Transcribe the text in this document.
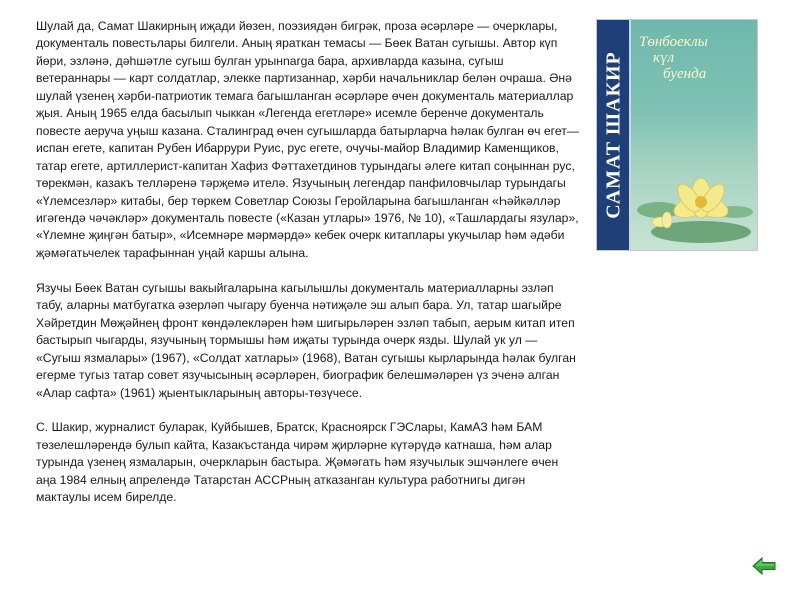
Шулай да, Самат Шакирның иҗади йөзен, поэзиядән бигрәк, проза әсәрләре — очерклары, документаль повестьлары билгели. Аның яраткан темасы — Бөек Ватан сугышы. Автор күп йөри, эзләнә, дәһшәтле сугыш булган урынnarga бара, архивларда казына, сугыш ветераннары — карт солдатлар, элекке партизаннар, хәрби начальниклар белән очраша. Әнә шулай үзенең хәрби-патриотик темага багышланган әсәрләре өчен документаль материаллар җыя. Аның 1965 елда басылып чыккан «Легенда егетләре» исемле беренче документаль повесте аеруча уңыш казана. Сталинград өчен сугышларда батырларча һәлак булган өч егет—испан егете, капитан Рубен Ибаррури Руис, рус егете, очучы-майор Владимир Каменщиков, татар егете, артиллерист-капитан Хафиз Фәттахетдинов турындагы әлеге китап соңыннан рус, төрекмән, казакъ телләренә тәрҗемә ителә. Язучының легендар панфиловчылар турындагы «Үлемсезләр» китабы, бер төркем Советлар Союзы Геройларына багышланган «Һәйкәлләр игәгендә чәчәкләр» документаль повесте («Казан утлары» 1976, № 10), «Ташлардагы язулар», «Үлемне җиңгән батыр», «Исемнәре мәрмәрдә» кебек очерк китаплары укучылар һәм әдәби җәмәгатьчелек тарафыннан уңай каршы алына.

Язучы Бөек Ватан сугышы вакыйгаларына кагылышлы документаль материалларны эзләп табу, аларны матбугатка әзерләп чыгару буенча нәтиҗәле эш алып бара. Ул, татар шагыйре Хәйретдин Мөҗәйнең фронт көндәлекләрен һәм шигырьләрен эзләп табып, аерым китап итеп бастырып чыгарды, язучының тормышы һәм иҗаты турында очерк язды. Шулай ук ул — «Сугыш язмалары» (1967), «Солдат хатлары» (1968), Ватан сугышы кырларында һәлак булган егерме тугыз татар совет язучысының әсәрләрен, биографик белешмәләрен үз эченә алган «Алар сафта» (1961) җыентыкларының авторы-төзүчесе.

С. Шакир, журналист буларак, Куйбышев, Братск, Красноярск ГЭСлары, КамАЗ һәм БАМ төзелешләрендә булып кайта, Казакъстанда чирәм җирләрне күтәрүдә катнаша, һәм алар турында үзенең язмаларын, очеркларын бастыра. Җәмәгать һәм язучылык эшчәнлеге өчен аңа 1984 елның апрелендә Татарстан АССРның атказанган культура работнигы дигән мактаулы исем бирелде.

САМАТ ШАКИР
Төнбоеклы
күл
буенда
